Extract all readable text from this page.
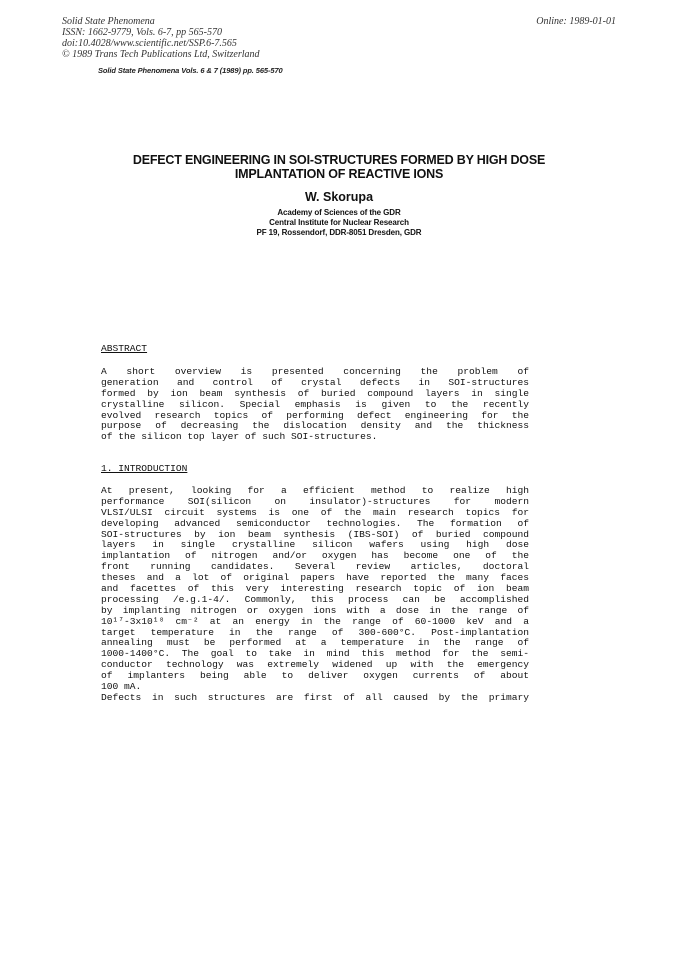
Solid State Phenomena
ISSN: 1662-9779, Vols. 6-7, pp 565-570
doi:10.4028/www.scientific.net/SSP.6-7.565
© 1989 Trans Tech Publications Ltd, Switzerland
Online: 1989-01-01
Solid State Phenomena Vols. 6 & 7 (1989) pp. 565-570
DEFECT ENGINEERING IN SOI-STRUCTURES FORMED BY HIGH DOSE
IMPLANTATION OF REACTIVE IONS
W. Skorupa
Academy of Sciences of the GDR
Central Institute for Nuclear Research
PF 19, Rossendorf, DDR-8051 Dresden, GDR
ABSTRACT
A short overview is presented concerning the problem of
generation and control of crystal defects in SOI-structures
formed by ion beam synthesis of buried compound layers in single
crystalline silicon. Special emphasis is given to the recently
evolved research topics of performing defect engineering for the
purpose of decreasing the dislocation density and the thickness
of the silicon top layer of such SOI-structures.
1. INTRODUCTION
At present, looking for a efficient method to realize high
performance SOI(silicon on insulator)-structures for modern
VLSI/ULSI circuit systems is one of the main research topics for
developing advanced semiconductor technologies. The formation of
SOI-structures by ion beam synthesis (IBS-SOI) of buried compound
layers in single crystalline silicon wafers using high dose
implantation of nitrogen and/or oxygen has become one of the
front running candidates. Several review articles, doctoral
theses and a lot of original papers have reported the many faces
and facettes of this very interesting research topic of ion beam
processing /e.g.1-4/. Commonly, this process can be accomplished
by implanting nitrogen or oxygen ions with a dose in the range of
10¹⁷-3x10¹⁸ cm⁻² at an energy in the range of 60-1000 keV and a
target temperature in the range of 300-600°C. Post-implantation
annealing must be performed at a temperature in the range of
1000-1400°C. The goal to take in mind this method for the semi-
conductor technology was extremely widened up with the emergency
of implanters being able to deliver oxygen currents of about
100 mA.
Defects in such structures are first of all caused by the primary
